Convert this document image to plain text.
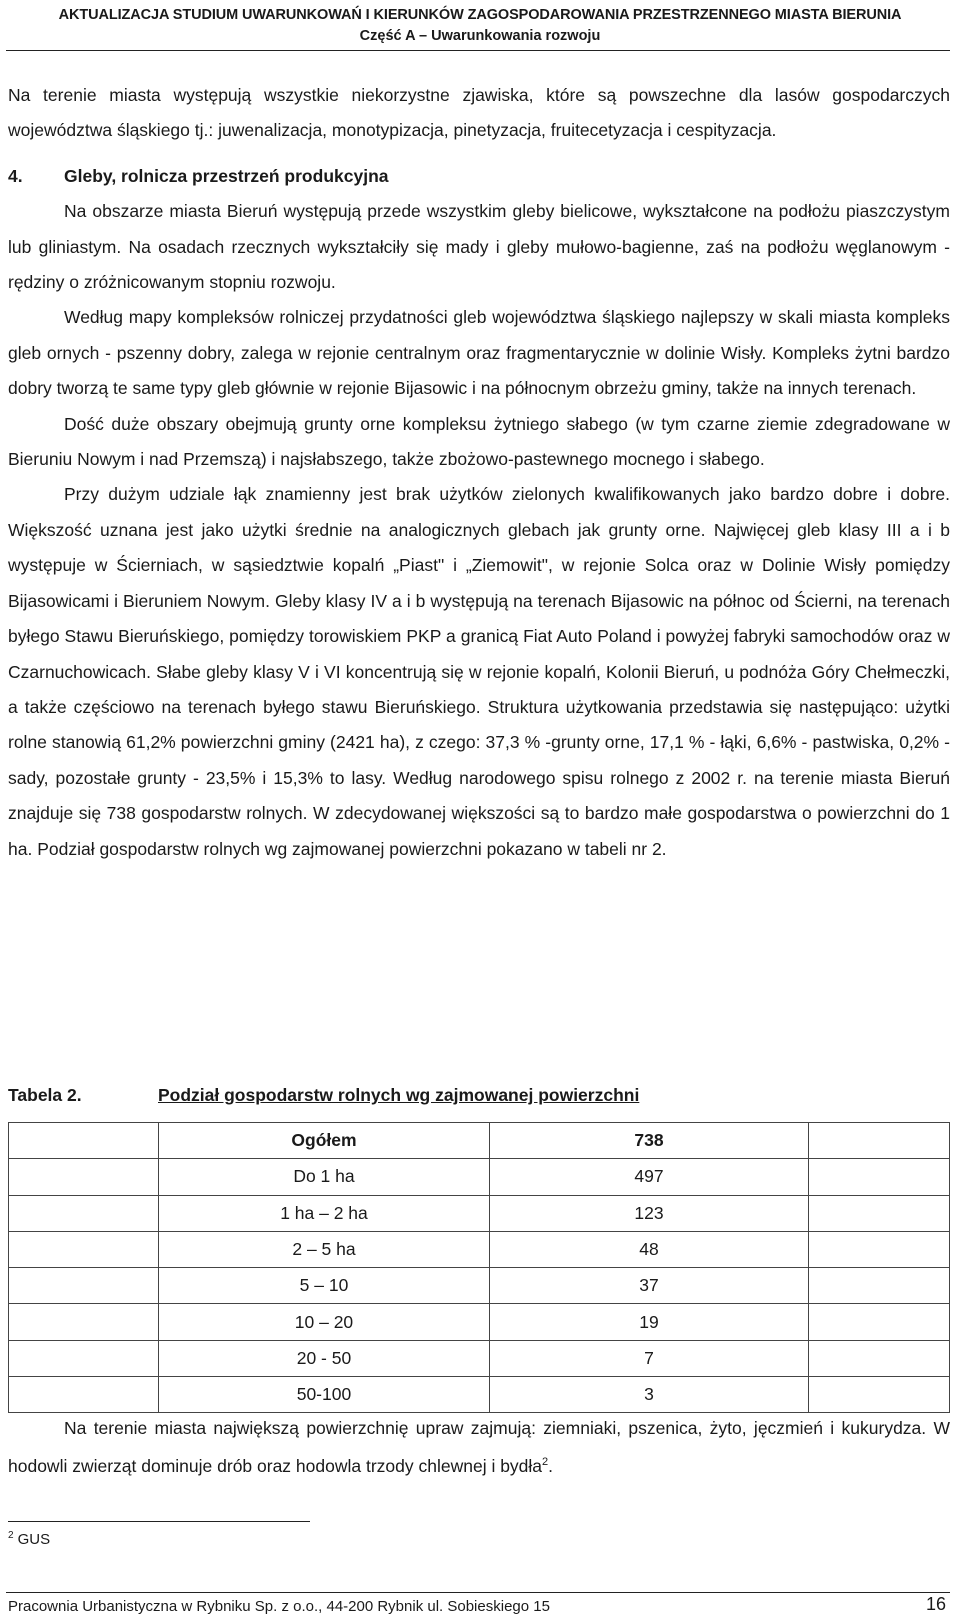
AKTUALIZACJA STUDIUM UWARUNKOWAŃ I KIERUNKÓW ZAGOSPODAROWANIA PRZESTRZENNEGO MIASTA BIERUNIA
Część A – Uwarunkowania rozwoju

Na terenie miasta występują wszystkie niekorzystne zjawiska, które są powszechne dla lasów gospodarczych województwa śląskiego tj.: juwenalizacja, monotypizacja, pinetyzacja, fruitecetyzacja i cespityzacja.

4. Gleby, rolnicza przestrzeń produkcyjna

Na obszarze miasta Bieruń występują przede wszystkim gleby bielicowe, wykształcone na podłożu piaszczystym lub gliniastym. Na osadach rzecznych wykształciły się mady i gleby mułowo-bagienne, zaś na podłożu węglanowym - rędziny o zróżnicowanym stopniu rozwoju.

Według mapy kompleksów rolniczej przydatności gleb województwa śląskiego najlepszy w skali miasta kompleks gleb ornych - pszenny dobry, zalega w rejonie centralnym oraz fragmentarycznie w dolinie Wisły. Kompleks żytni bardzo dobry tworzą te same typy gleb głównie w rejonie Bijasowic i na północnym obrzeżu gminy, także na innych terenach.

Dość duże obszary obejmują grunty orne kompleksu żytniego słabego (w tym czarne ziemie zdegradowane w Bieruniu Nowym i nad Przemszą) i najsłabszego, także zbożowo-pastewnego mocnego i słabego.

Przy dużym udziale łąk znamienny jest brak użytków zielonych kwalifikowanych jako bardzo dobre i dobre. Większość uznana jest jako użytki średnie na analogicznych glebach jak grunty orne. Najwięcej gleb klasy III a i b występuje w Ścierniach, w sąsiedztwie kopalń „Piast" i „Ziemowit", w rejonie Solca oraz w Dolinie Wisły pomiędzy Bijasowicami i Bieruniem Nowym. Gleby klasy IV a i b występują na terenach Bijasowic na północ od Ścierni, na terenach byłego Stawu Bieruńskiego, pomiędzy torowiskiem PKP a granicą Fiat Auto Poland i powyżej fabryki samochodów oraz w Czarnuchowicach. Słabe gleby klasy V i VI koncentrują się w rejonie kopalń, Kolonii Bieruń, u podnóża Góry Chełmeczki, a także częściowo na terenach byłego stawu Bieruńskiego. Struktura użytkowania przedstawia się następująco: użytki rolne stanowią 61,2% powierzchni gminy (2421 ha), z czego: 37,3 % -grunty orne, 17,1 % - łąki, 6,6% - pastwiska, 0,2% - sady, pozostałe grunty - 23,5% i 15,3% to lasy. Według narodowego spisu rolnego z 2002 r. na terenie miasta Bieruń znajduje się 738 gospodarstw rolnych. W zdecydowanej większości są to bardzo małe gospodarstwa o powierzchni do 1 ha. Podział gospodarstw rolnych wg zajmowanej powierzchni pokazano w tabeli nr 2.

Tabela 2.	Podział gospodarstw rolnych wg zajmowanej powierzchni
	Ogółem	738	
	Do 1 ha	497	
	1 ha – 2 ha	123	
	2 – 5 ha	48	
	5 – 10	37	
	10 – 20	19	
	20 - 50	7	
	50-100	3	

Na terenie miasta największą powierzchnię upraw zajmują: ziemniaki, pszenica, żyto, jęczmień i kukurydza. W hodowli zwierząt dominuje drób oraz hodowla trzody chlewnej i bydła$^2$.

$^2$ GUS
Pracownia Urbanistyczna w Rybniku Sp. z o.o., 44-200 Rybnik ul. Sobieskiego 15	16
